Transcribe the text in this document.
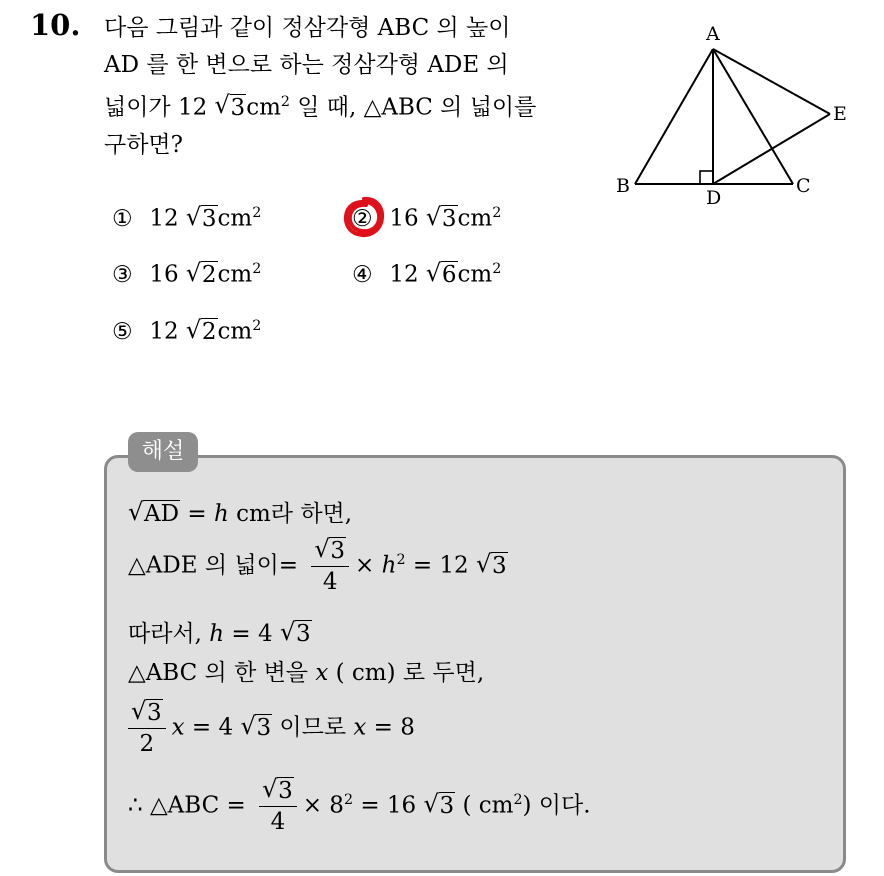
10. 다음 그림과 같이 정삼각형 ABC 의 높이
AD 를 한 변으로 하는 정삼각형 ADE 의
넓이가 12 √ $3cm^2$ 일 때, △ABC 의 넓이를
구하면?
A
B	C
D
E
① 12 √ $3cm^2$	② 16 √ $3cm^2$
③ 16 √ $2cm^2$	④ 12 √ $6cm^2$
⑤ 12 √ $2cm^2$
해설
√ AD = h cm라 하면,
△ADE 의 넓이= √ $\frac{3}{4} \times h^2 = 12$ √ 3
따라서, h = 4 √ 3
△ABC 의 한 변을 x ( cm) 로 두면,
√ $\frac{3}{2}$ x = 4 √ 3 이므로 x = 8
∴ △ABC = √ $\frac{3}{4} \times 8^2 = 16$ √ 3 ( $cm^2$) 이다.
